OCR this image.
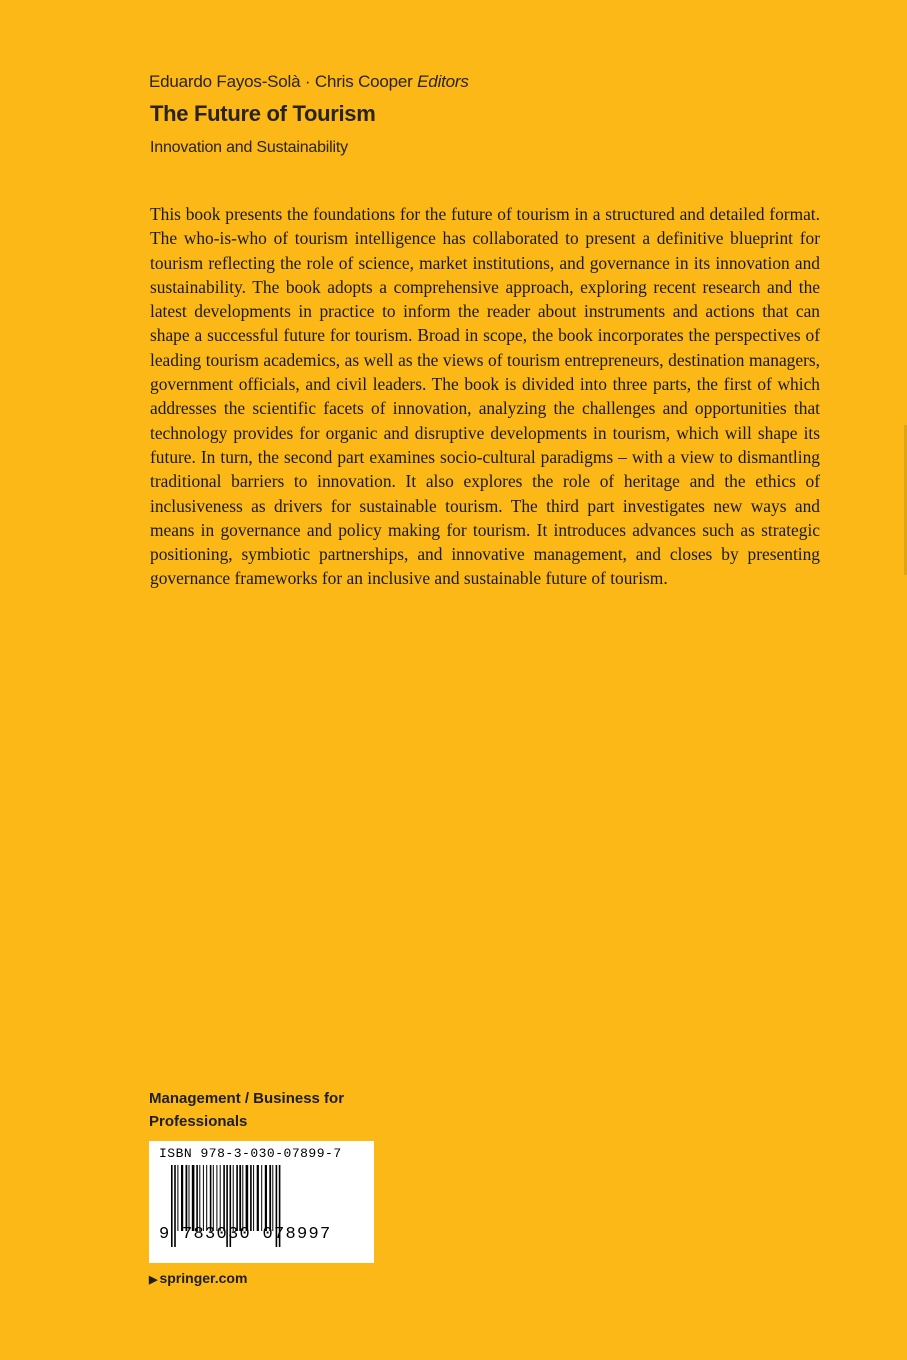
Eduardo Fayos-Solà · Chris Cooper Editors
The Future of Tourism
Innovation and Sustainability

This book presents the foundations for the future of tourism in a structured and detailed format. The who-is-who of tourism intelligence has collaborated to present a definitive blueprint for tourism reflecting the role of science, market institutions, and governance in its innovation and sustainability. The book adopts a comprehensive approach, exploring recent research and the latest developments in practice to inform the reader about instruments and actions that can shape a successful future for tourism. Broad in scope, the book incorporates the perspectives of leading tourism academics, as well as the views of tourism entrepreneurs, destination managers, government officials, and civil leaders. The book is divided into three parts, the first of which addresses the scientific facets of innovation, analyzing the challenges and opportunities that technology provides for organic and disruptive developments in tourism, which will shape its future. In turn, the second part examines socio-cultural paradigms – with a view to dismantling traditional barriers to innovation. It also explores the role of heritage and the ethics of inclusiveness as drivers for sustainable tourism. The third part investigates new ways and means in governance and policy making for tourism. It introduces advances such as strategic positioning, symbiotic partnerships, and innovative management, and closes by presenting governance frameworks for an inclusive and sustainable future of tourism.

Management / Business for Professionals
ISBN 978-3-030-07899-7
9 783030 078997
▶ springer.com
